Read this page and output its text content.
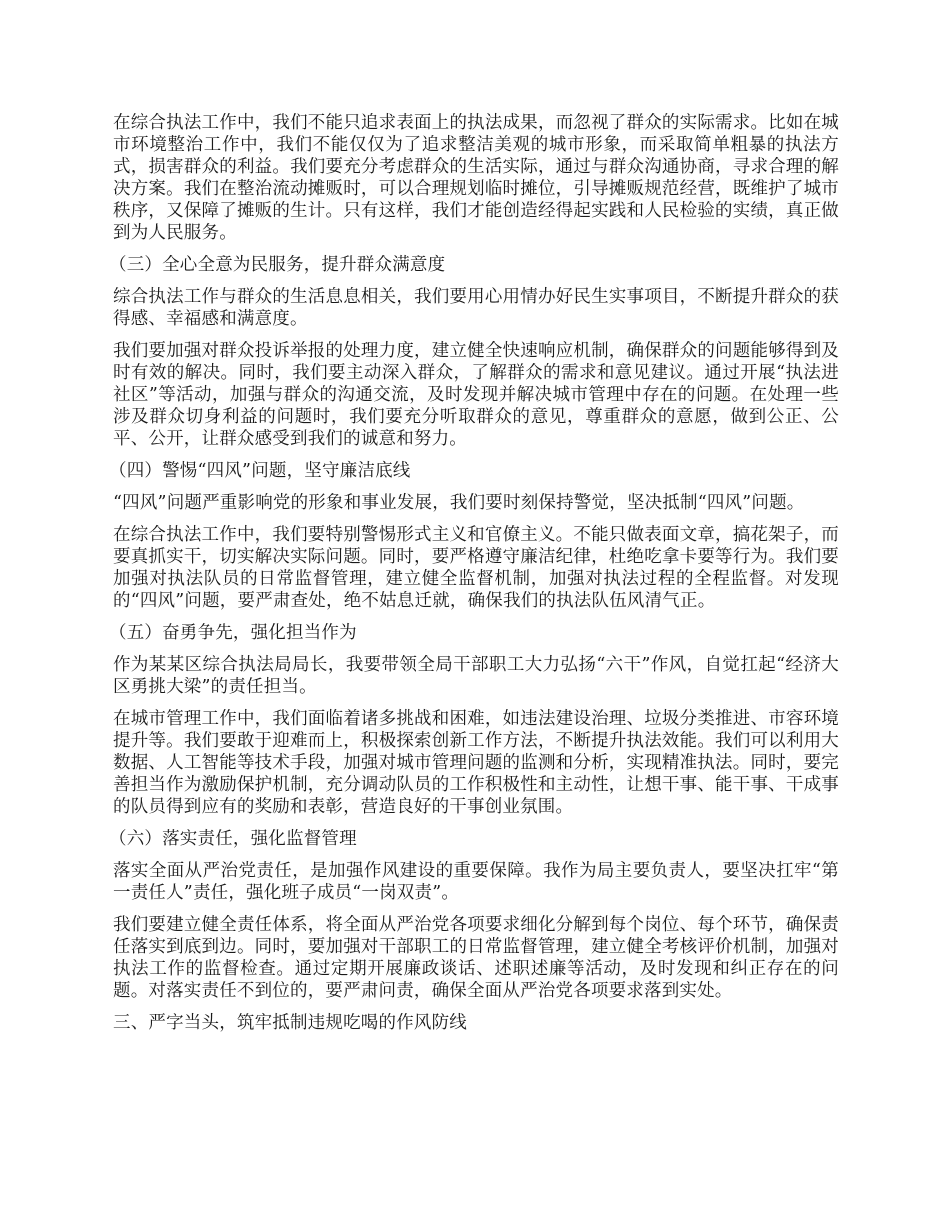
在综合执法工作中，我们不能只追求表面上的执法成果，而忽视了群众的实际需求。比如在城市环境整治工作中，我们不能仅仅为了追求整洁美观的城市形象，而采取简单粗暴的执法方式，损害群众的利益。我们要充分考虑群众的生活实际，通过与群众沟通协商，寻求合理的解决方案。我们在整治流动摊贩时，可以合理规划临时摊位，引导摊贩规范经营，既维护了城市秩序，又保障了摊贩的生计。只有这样，我们才能创造经得起实践和人民检验的实绩，真正做到为人民服务。

（三）全心全意为民服务，提升群众满意度

综合执法工作与群众的生活息息相关，我们要用心用情办好民生实事项目，不断提升群众的获得感、幸福感和满意度。

我们要加强对群众投诉举报的处理力度，建立健全快速响应机制，确保群众的问题能够得到及时有效的解决。同时，我们要主动深入群众，了解群众的需求和意见建议。通过开展“执法进社区”等活动，加强与群众的沟通交流，及时发现并解决城市管理中存在的问题。在处理一些涉及群众切身利益的问题时，我们要充分听取群众的意见，尊重群众的意愿，做到公正、公平、公开，让群众感受到我们的诚意和努力。

（四）警惕“四风”问题，坚守廉洁底线

“四风”问题严重影响党的形象和事业发展，我们要时刻保持警觉，坚决抵制“四风”问题。

在综合执法工作中，我们要特别警惕形式主义和官僚主义。不能只做表面文章，搞花架子，而要真抓实干，切实解决实际问题。同时，要严格遵守廉洁纪律，杜绝吃拿卡要等行为。我们要加强对执法队员的日常监督管理，建立健全监督机制，加强对执法过程的全程监督。对发现的“四风”问题，要严肃查处，绝不姑息迁就，确保我们的执法队伍风清气正。

（五）奋勇争先，强化担当作为

作为某某区综合执法局局长，我要带领全局干部职工大力弘扬“六干”作风，自觉扛起“经济大区勇挑大梁”的责任担当。

在城市管理工作中，我们面临着诸多挑战和困难，如违法建设治理、垃圾分类推进、市容环境提升等。我们要敢于迎难而上，积极探索创新工作方法，不断提升执法效能。我们可以利用大数据、人工智能等技术手段，加强对城市管理问题的监测和分析，实现精准执法。同时，要完善担当作为激励保护机制，充分调动队员的工作积极性和主动性，让想干事、能干事、干成事的队员得到应有的奖励和表彰，营造良好的干事创业氛围。

（六）落实责任，强化监督管理

落实全面从严治党责任，是加强作风建设的重要保障。我作为局主要负责人，要坚决扛牢“第一责任人”责任，强化班子成员“一岗双责”。

我们要建立健全责任体系，将全面从严治党各项要求细化分解到每个岗位、每个环节，确保责任落实到底到边。同时，要加强对干部职工的日常监督管理，建立健全考核评价机制，加强对执法工作的监督检查。通过定期开展廉政谈话、述职述廉等活动，及时发现和纠正存在的问题。对落实责任不到位的，要严肃问责，确保全面从严治党各项要求落到实处。

三、严字当头，筑牢抵制违规吃喝的作风防线
